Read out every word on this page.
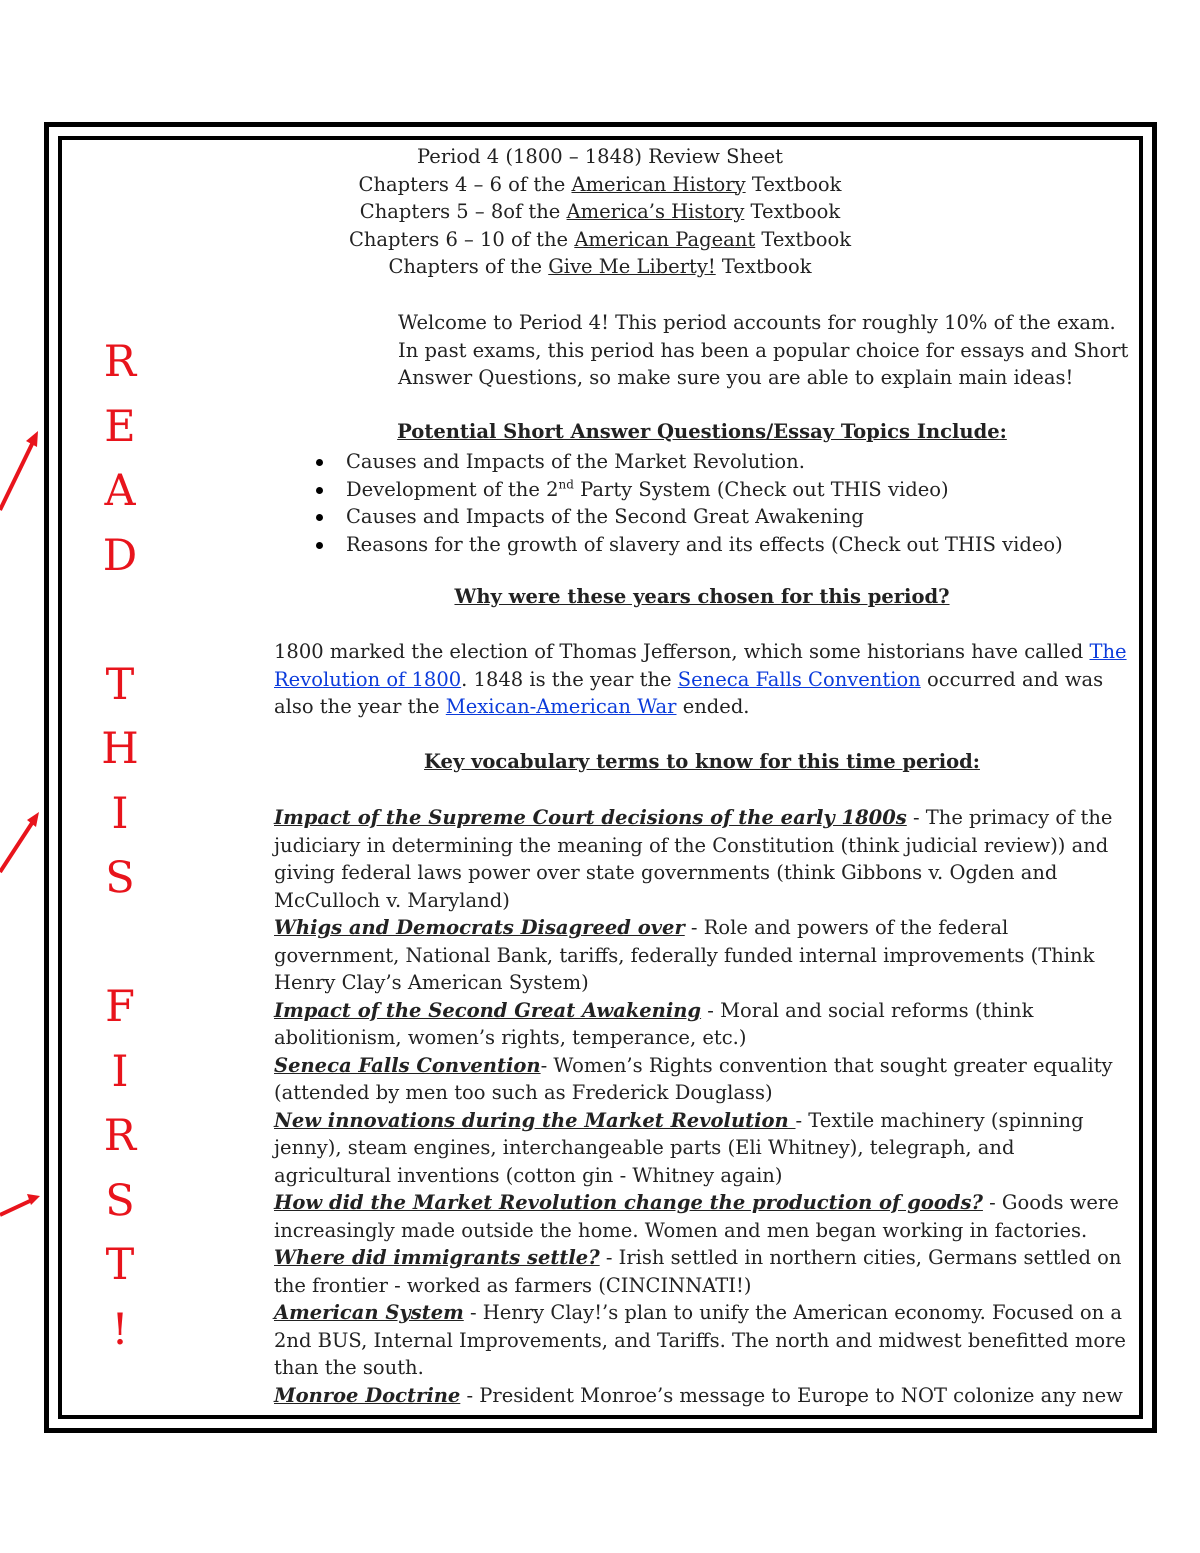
Period 4 (1800 – 1848) Review Sheet
Chapters 4 – 6 of the American History Textbook
Chapters 5 – 8of the America’s History Textbook
Chapters 6 – 10 of the American Pageant Textbook
Chapters of the Give Me Liberty! Textbook
Welcome to Period 4! This period accounts for roughly 10% of the exam. In past exams, this period has been a popular choice for essays and Short Answer Questions, so make sure you are able to explain main ideas!
Potential Short Answer Questions/Essay Topics Include:
Causes and Impacts of the Market Revolution.
Development of the 2nd Party System (Check out THIS video)
Causes and Impacts of the Second Great Awakening
Reasons for the growth of slavery and its effects (Check out THIS video)
Why were these years chosen for this period?
1800 marked the election of Thomas Jefferson, which some historians have called The Revolution of 1800. 1848 is the year the Seneca Falls Convention occurred and was also the year the Mexican-American War ended.
Key vocabulary terms to know for this time period:

Impact of the Supreme Court decisions of the early 1800s - The primacy of the judiciary in determining the meaning of the Constitution (think judicial review)) and giving federal laws power over state governments (think Gibbons v. Ogden and McCulloch v. Maryland)

Whigs and Democrats Disagreed over - Role and powers of the federal government, National Bank, tariffs, federally funded internal improvements (Think Henry Clay’s American System)

Impact of the Second Great Awakening - Moral and social reforms (think abolitionism, women’s rights, temperance, etc.)

Seneca Falls Convention- Women’s Rights convention that sought greater equality (attended by men too such as Frederick Douglass)

New innovations during the Market Revolution - Textile machinery (spinning jenny), steam engines, interchangeable parts (Eli Whitney), telegraph, and agricultural inventions (cotton gin - Whitney again)

How did the Market Revolution change the production of goods? - Goods were increasingly made outside the home. Women and men began working in factories.

Where did immigrants settle? - Irish settled in northern cities, Germans settled on the frontier - worked as farmers (CINCINNATI!)

American System - Henry Clay!’s plan to unify the American economy. Focused on a 2nd BUS, Internal Improvements, and Tariffs. The north and midwest benefitted more than the south.

Monroe Doctrine - President Monroe’s message to Europe to NOT colonize any new

R
E
A
D
T
H
I
S
F
I
R
S
T
!
